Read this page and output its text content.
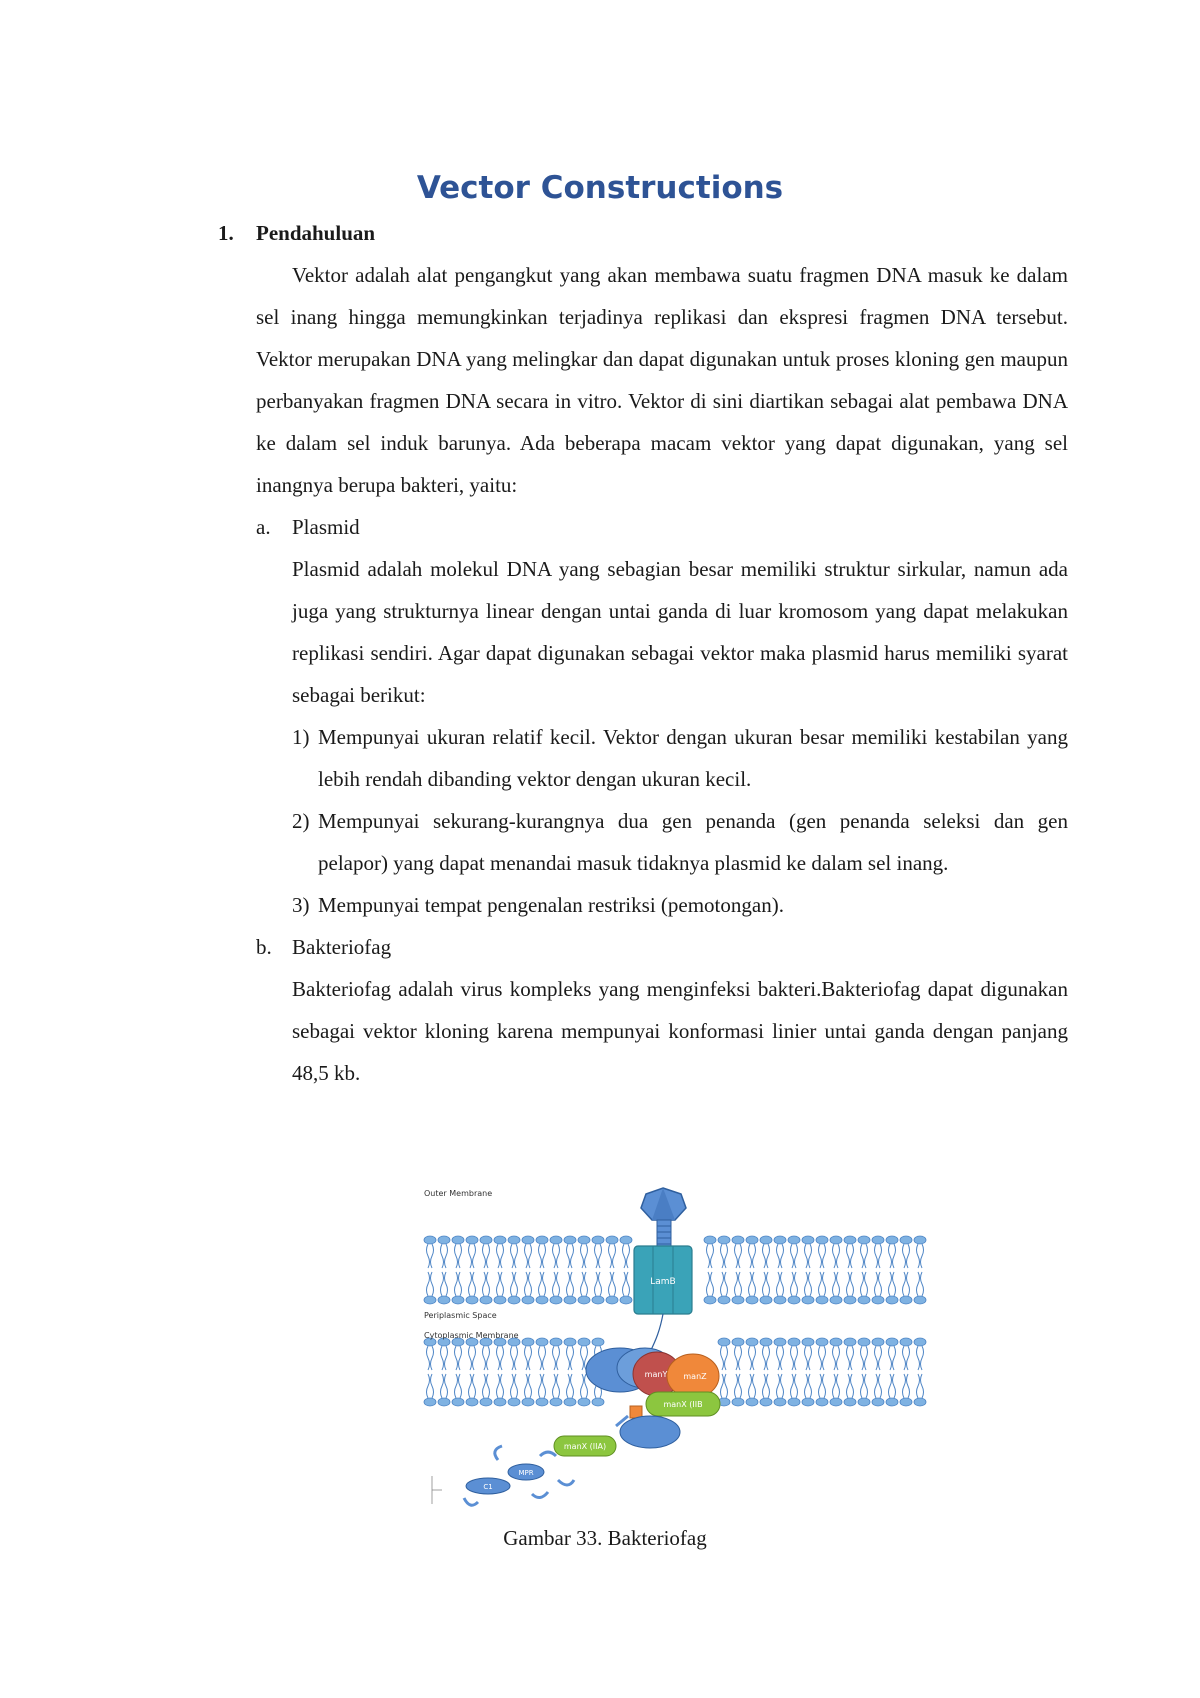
Vector Constructions
1. Pendahuluan
Vektor adalah alat pengangkut yang akan membawa suatu fragmen DNA masuk ke dalam sel inang hingga memungkinkan terjadinya replikasi dan ekspresi fragmen DNA tersebut. Vektor merupakan DNA yang melingkar dan dapat digunakan untuk proses kloning gen maupun perbanyakan fragmen DNA secara in vitro. Vektor di sini diartikan sebagai alat pembawa DNA ke dalam sel induk barunya. Ada beberapa macam vektor yang dapat digunakan, yang sel inangnya berupa bakteri, yaitu:
a. Plasmid
Plasmid adalah molekul DNA yang sebagian besar memiliki struktur sirkular, namun ada juga yang strukturnya linear dengan untai ganda di luar kromosom yang dapat melakukan replikasi sendiri. Agar dapat digunakan sebagai vektor maka plasmid harus memiliki syarat sebagai berikut:
1) Mempunyai ukuran relatif kecil. Vektor dengan ukuran besar memiliki kestabilan yang lebih rendah dibanding vektor dengan ukuran kecil.
2) Mempunyai sekurang-kurangnya dua gen penanda (gen penanda seleksi dan gen pelapor) yang dapat menandai masuk tidaknya plasmid ke dalam sel inang.
3) Mempunyai tempat pengenalan restriksi (pemotongan).
b. Bakteriofag
Bakteriofag adalah virus kompleks yang menginfeksi bakteri.Bakteriofag dapat digunakan sebagai vektor kloning karena mempunyai konformasi linier untai ganda dengan panjang 48,5 kb.
LamB
manY manZ
manX (IIB
manX (IIA)
MPR
C1
Outer Membrane
Periplasmic Space
Cytoplasmic Membrane
Gambar 33. Bakteriofag
